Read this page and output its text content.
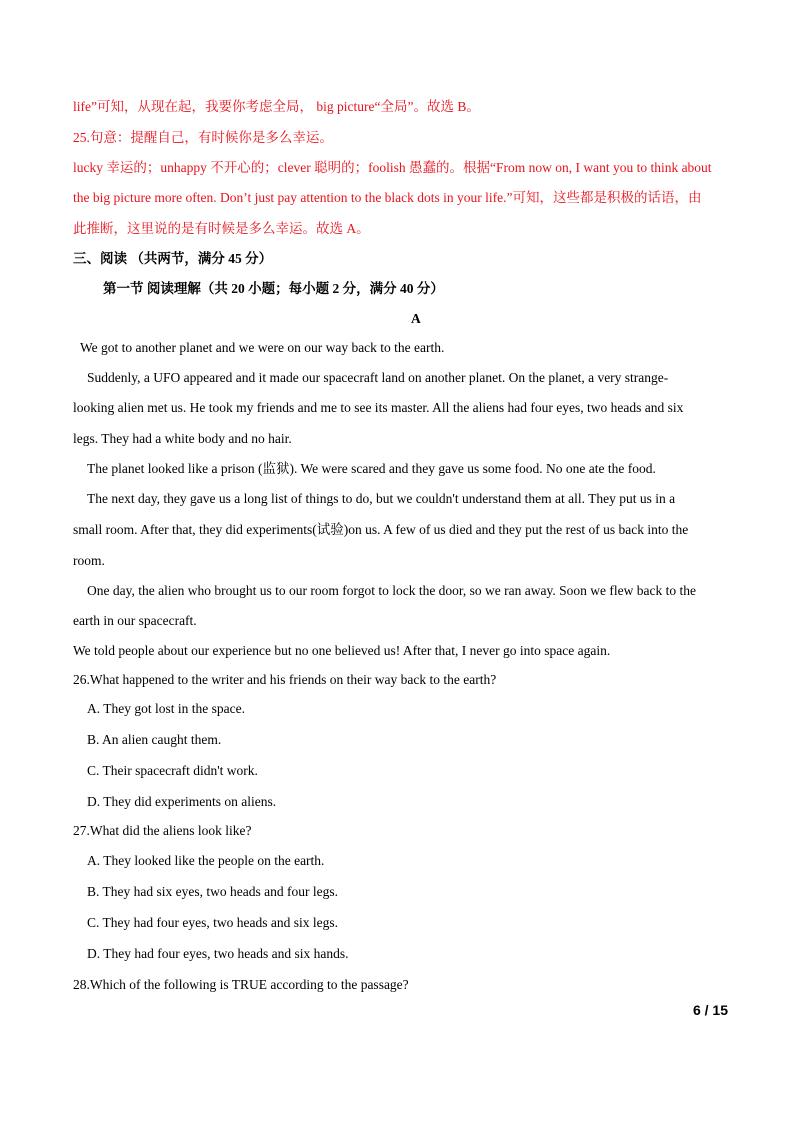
life”可知，从现在起，我要你考虑全局， big picture“全局”。故选 B。
25.句意：提醒自己，有时候你是多么幸运。
lucky 幸运的；unhappy 不开心的；clever 聪明的；foolish 愚蠢的。根据“From now on, I want you to think about
the big picture more often. Don’t just pay attention to the black dots in your life.”可知，这些都是积极的话语，由
此推断，这里说的是有时候是多么幸运。故选 A。
三、阅读 （共两节，满分 45 分）
第一节 阅读理解（共 20 小题；每小题 2 分，满分 40 分）
A
We got to another planet and we were on our way back to the earth.
Suddenly, a UFO appeared and it made our spacecraft land on another planet. On the planet, a very strange-
looking alien met us. He took my friends and me to see its master. All the aliens had four eyes, two heads and six
legs. They had a white body and no hair.
The planet looked like a prison (监狱). We were scared and they gave us some food. No one ate the food.
The next day, they gave us a long list of things to do, but we couldn't understand them at all. They put us in a
small room. After that, they did experiments(试验)on us. A few of us died and they put the rest of us back into the
room.
One day, the alien who brought us to our room forgot to lock the door, so we ran away. Soon we flew back to the
earth in our spacecraft.
We told people about our experience but no one believed us! After that, I never go into space again.
26.What happened to the writer and his friends on their way back to the earth?
A. They got lost in the space.
B. An alien caught them.
C. Their spacecraft didn't work.
D. They did experiments on aliens.
27.What did the aliens look like?
A. They looked like the people on the earth.
B. They had six eyes, two heads and four legs.
C. They had four eyes, two heads and six legs.
D. They had four eyes, two heads and six hands.
28.Which of the following is TRUE according to the passage?
6 / 15
